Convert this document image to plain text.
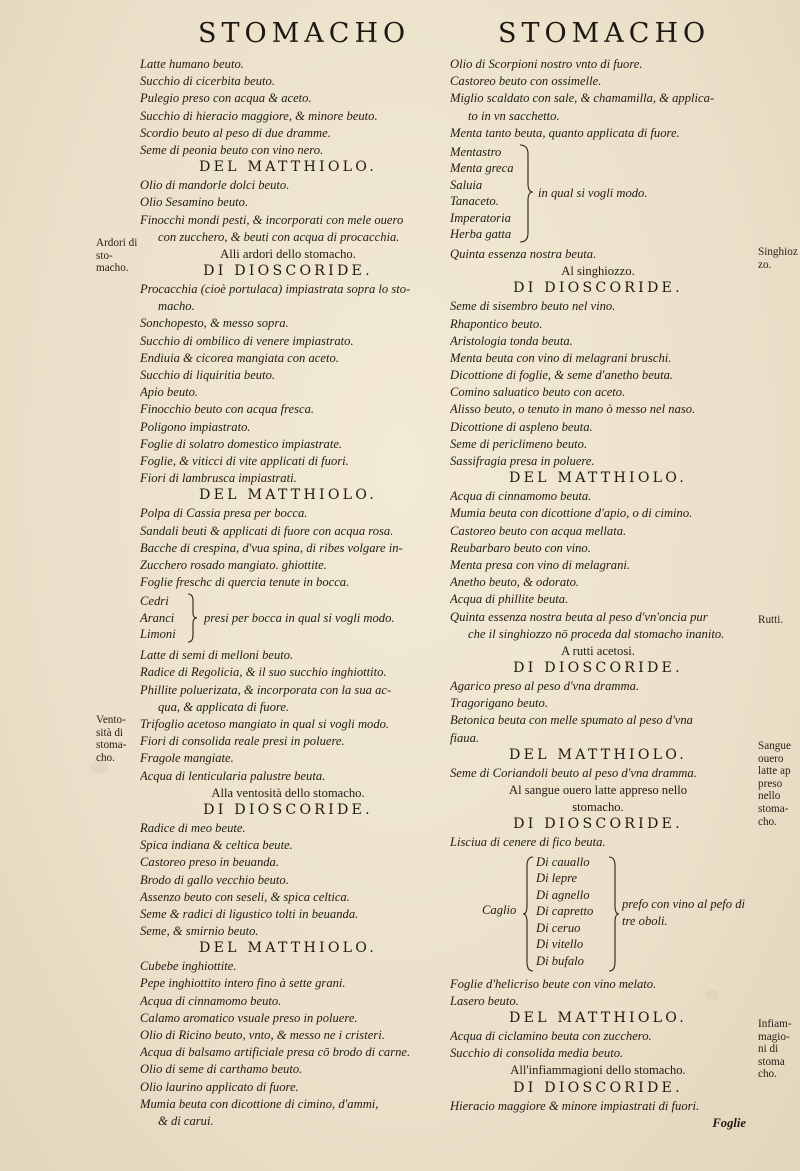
STOMACHO	STOMACHO
Latte humano beuto.
Succhio di cicerbita beuto.
Pulegio preso con acqua & aceto.
Succhio di hieracio maggiore, & minore beuto.
Scordio beuto al peso di due dramme.
Seme di peonia beuto con vino nero.
DEL MATTHIOLO.
Olio di mandorle dolci beuto.
Olio Sesamino beuto.
Finocchi mondi pesti, & incorporati con mele ouero
con zucchero, & beuti con acqua di procacchia.
Alli ardori dello stomacho.
DI DIOSCORIDE.
Procacchia (cioè portulaca) impiastrata sopra lo sto-
macho.
Sonchopesto, & messo sopra.
Succhio di ombilico di venere impiastrato.
Endiuia & cicorea mangiata con aceto.
Succhio di liquiritia beuto.
Apio beuto.
Finocchio beuto con acqua fresca.
Poligono impiastrato.
Foglie di solatro domestico impiastrate.
Foglie, & viticci di vite applicati di fuori.
Fiori di lambrusca impiastrati.
DEL MATTHIOLO.
Polpa di Cassia presa per bocca.
Sandali beuti & applicati di fuore con acqua rosa.
Bacche di crespina, d'vua spina, di ribes volgare in-
Zucchero rosado mangiato. ghiottite.
Foglie freschc di quercia tenute in bocca.
Cedri
Aranci
Limoni
presi per bocca in qual si vogli modo.
Latte di semi di melloni beuto.
Radice di Regolicia, & il suo succhio inghiottito.
Phillite poluerizata, & incorporata con la sua ac-
qua, & applicata di fuore.
Trifoglio acetoso mangiato in qual si vogli modo.
Fiori di consolida reale presi in poluere.
Fragole mangiate.
Acqua di lenticularia palustre beuta.
Alla ventosità dello stomacho.
DI DIOSCORIDE.
Radice di meo beute.
Spica indiana & celtica beute.
Castoreo preso in beuanda.
Brodo di gallo vecchio beuto.
Assenzo beuto con seseli, & spica celtica.
Seme & radici di ligustico tolti in beuanda.
Seme, & smirnio beuto.
DEL MATTHIOLO.
Cubebe inghiottite.
Pepe inghiottito intero fino à sette grani.
Acqua di cinnamomo beuto.
Calamo aromatico vsuale preso in poluere.
Olio di Ricino beuto, vnto, & messo ne i cristeri.
Acqua di balsamo artificiale presa cō brodo di carne.
Olio di seme di carthamo beuto.
Olio laurino applicato di fuore.
Mumia beuta con dicottione di cimino, d'ammi,
& di carui.
Olio di Scorpioni nostro vnto di fuore.
Castoreo beuto con ossimelle.
Miglio scaldato con sale, & chamamilla, & applica-
to in vn sacchetto.
Menta tanto beuta, quanto applicata di fuore.
Mentastro
Menta greca
Saluia
Tanaceto.
Imperatoria
Herba gatta
in qual si vogli modo.
Quinta essenza nostra beuta.
Al singhiozzo.
DI DIOSCORIDE.
Seme di sisembro beuto nel vino.
Rhapontico beuto.
Aristologia tonda beuta.
Menta beuta con vino di melagrani bruschi.
Dicottione di foglie, & seme d'anetho beuta.
Comino saluatico beuto con aceto.
Alisso beuto, o tenuto in mano ò messo nel naso.
Dicottione di aspleno beuta.
Seme di periclimeno beuto.
Sassifragia presa in poluere.
DEL MATTHIOLO.
Acqua di cinnamomo beuta.
Mumia beuta con dicottione d'apio, o di cimino.
Castoreo beuto con acqua mellata.
Reubarbaro beuto con vino.
Menta presa con vino di melagrani.
Anetho beuto, & odorato.
Acqua di phillite beuta.
Quinta essenza nostra beuta al peso d'vn'oncia pur
che il singhiozzo nō proceda dal stomacho inanito.
A rutti acetosi.
DI DIOSCORIDE.
Agarico preso al peso d'vna dramma.
Tragorigano beuto.
Betonica beuta con melle spumato al peso d'vna
fiaua.
DEL MATTHIOLO.
Seme di Coriandoli beuto al peso d'vna dramma.
Al sangue ouero latte appreso nello
stomacho.
DI DIOSCORIDE.
Lisciua di cenere di fico beuta.
Caglio
Di cauallo
Di lepre
Di agnello
Di capretto
Di ceruo
Di vitello
Di bufalo
prefo con vino al pefo di
tre oboli.
Foglie d'helicriso beute con vino melato.
Lasero beuto.
DEL MATTHIOLO.
Acqua di ciclamino beuta con zucchero.
Succhio di consolida media beuto.
All'infiammagioni dello stomacho.
DI DIOSCORIDE.
Hieracio maggiore & minore impiastrati di fuori.
Foglie
Ardori di sto- macho.
Vento- sità di stoma- cho.
Singhioz zo.
Rutti.
Sangue ouero latte ap preso nello stoma- cho.
Infiam- magio- ni di stoma cho.
